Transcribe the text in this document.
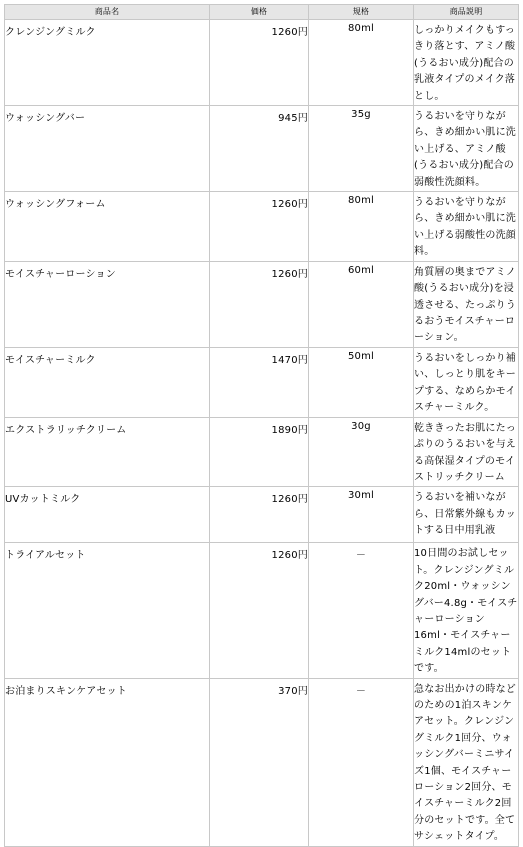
商品名	価格	規格	商品説明
クレンジングミルク	1260円	80ml	しっかりメイクもすっきり落とす、アミノ酸(うるおい成分)配合の乳液タイプのメイク落とし。
ウォッシングバー	945円	35g	うるおいを守りながら、きめ細かい肌に洗い上げる、アミノ酸(うるおい成分)配合の弱酸性洗顔料。
ウォッシングフォーム	1260円	80ml	うるおいを守りながら、きめ細かい肌に洗い上げる弱酸性の洗顔料。
モイスチャーローション	1260円	60ml	角質層の奥までアミノ酸(うるおい成分)を浸透させる、たっぷりうるおうモイスチャーローション。
モイスチャーミルク	1470円	50ml	うるおいをしっかり補い、しっとり肌をキープする、なめらかモイスチャーミルク。
エクストラリッチクリーム	1890円	30g	乾ききったお肌にたっぷりのうるおいを与える高保湿タイプのモイストリッチクリーム
UVカットミルク	1260円	30ml	うるおいを補いながら、日常紫外線もカットする日中用乳液
トライアルセット	1260円	－	10日間のお試しセット。クレンジングミルク20ml・ウォッシングバー4.8g・モイスチャーローション16ml・モイスチャーミルク14mlのセットです。
お泊まりスキンケアセット	370円	－	急なお出かけの時などのための1泊スキンケアセット。クレンジングミルク1回分、ウォッシングバーミニサイズ1個、モイスチャーローション2回分、モイスチャーミルク2回分のセットです。全てサシェットタイプ。
